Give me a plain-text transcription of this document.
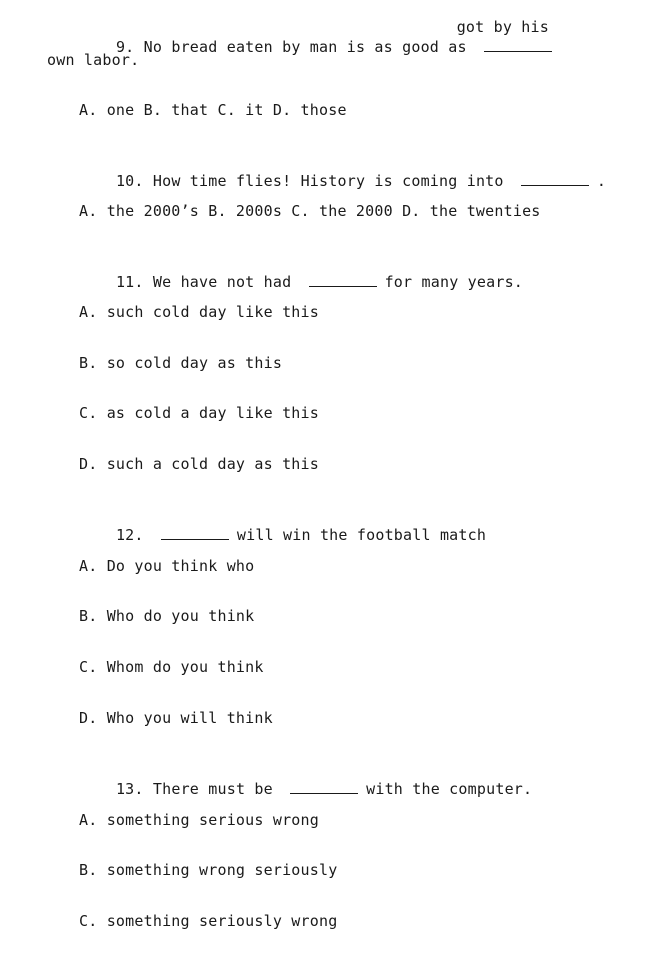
9. No bread eaten by man is as good as
got by his

own labor.
A. one B. that C. it D. those

10. How time flies! History is coming into	.

A. the 2000’s B. 2000s C. the 2000 D. the twenties

11. We have not had	for many years.

A. such cold day like this
B. so cold day as this
C. as cold a day like this
D. such a cold day as this

12.	will win the football match

A. Do you think who
B. Who do you think
C. Whom do you think
D. Who you will think

13. There must be	with the computer.

A. something serious wrong
B. something wrong seriously
C. something seriously wrong
